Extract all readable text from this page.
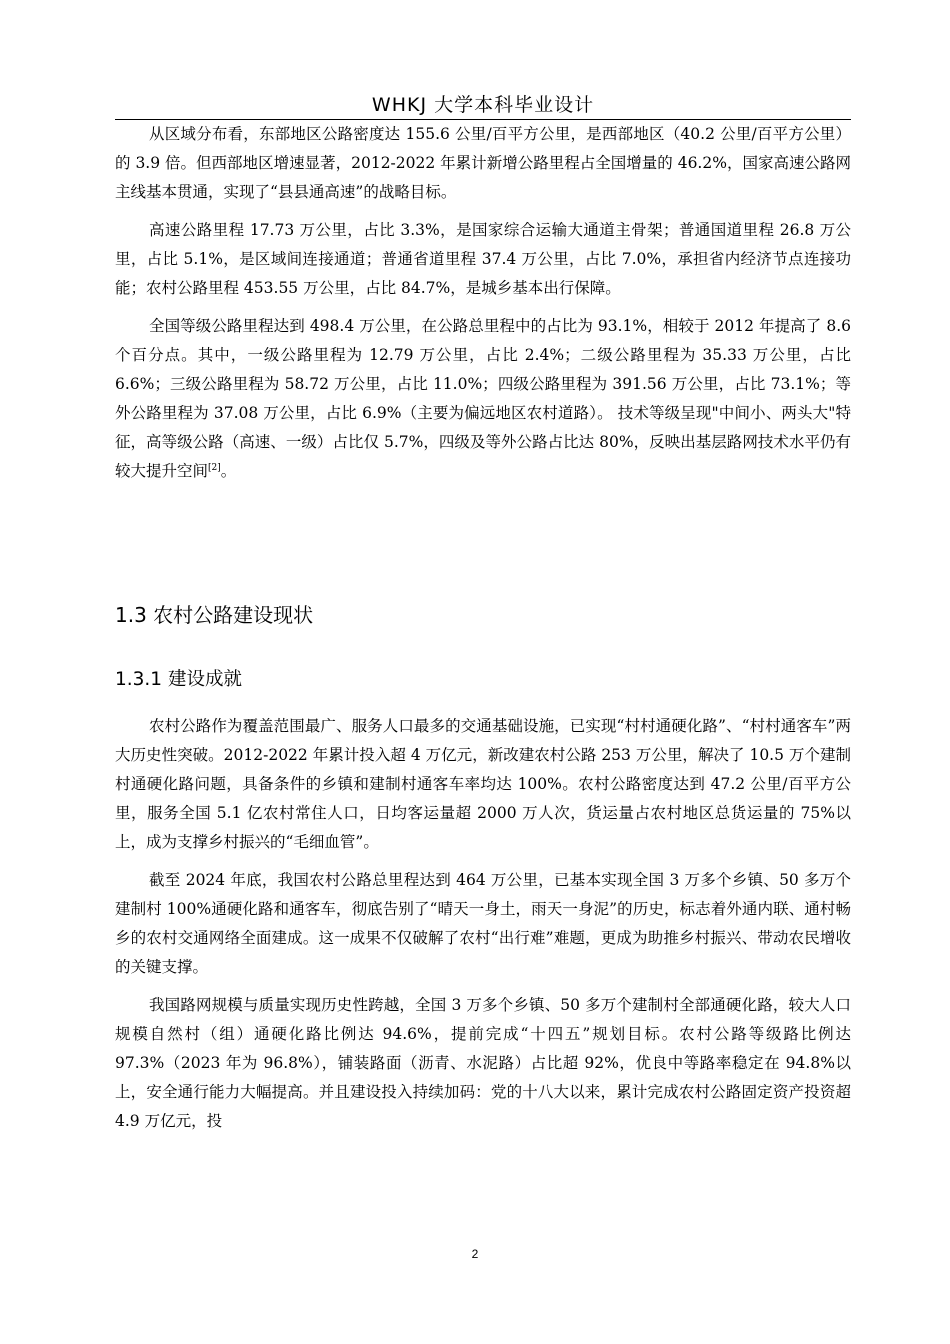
WHKJ 大学本科毕业设计

从区域分布看，东部地区公路密度达 155.6 公里/百平方公里，是西部地区（40.2 公里/百平方公里）的 3.9 倍。但西部地区增速显著，2012-2022 年累计新增公路里程占全国增量的 46.2%，国家高速公路网主线基本贯通，实现了“县县通高速”的战略目标。

高速公路里程 17.73 万公里，占比 3.3%，是国家综合运输大通道主骨架；普通国道里程 26.8 万公里，占比 5.1%，是区域间连接通道；普通省道里程 37.4 万公里，占比 7.0%，承担省内经济节点连接功能；农村公路里程 453.55 万公里，占比 84.7%，是城乡基本出行保障。

全国等级公路里程达到 498.4 万公里，在公路总里程中的占比为 93.1%，相较于 2012 年提高了 8.6 个百分点。其中，一级公路里程为 12.79 万公里，占比 2.4%；二级公路里程为 35.33 万公里，占比 6.6%；三级公路里程为 58.72 万公里，占比 11.0%；四级公路里程为 391.56 万公里，占比 73.1%；等外公路里程为 37.08 万公里，占比 6.9%（主要为偏远地区农村道路）。 技术等级呈现"中间小、两头大"特征，高等级公路（高速、一级）占比仅 5.7%，四级及等外公路占比达 80%，反映出基层路网技术水平仍有较大提升空间[2]。

1.3 农村公路建设现状
1.3.1 建设成就

农村公路作为覆盖范围最广、服务人口最多的交通基础设施，已实现“村村通硬化路”、“村村通客车”两大历史性突破。2012-2022 年累计投入超 4 万亿元，新改建农村公路 253 万公里，解决了 10.5 万个建制村通硬化路问题，具备条件的乡镇和建制村通客车率均达 100%。农村公路密度达到 47.2 公里/百平方公里，服务全国 5.1 亿农村常住人口，日均客运量超 2000 万人次，货运量占农村地区总货运量的 75%以上，成为支撑乡村振兴的“毛细血管”。

截至 2024 年底，我国农村公路总里程达到 464 万公里，已基本实现全国 3 万多个乡镇、50 多万个建制村 100%通硬化路和通客车，彻底告别了“晴天一身土，雨天一身泥”的历史，标志着外通内联、通村畅乡的农村交通网络全面建成。这一成果不仅破解了农村“出行难”难题，更成为助推乡村振兴、带动农民增收的关键支撑。

我国路网规模与质量实现历史性跨越，全国 3 万多个乡镇、50 多万个建制村全部通硬化路，较大人口规模自然村（组）通硬化路比例达 94.6%，提前完成“十四五”规划目标。农村公路等级路比例达 97.3%（2023 年为 96.8%），铺装路面（沥青、水泥路）占比超 92%，优良中等路率稳定在 94.8%以上，安全通行能力大幅提高。并且建设投入持续加码：党的十八大以来，累计完成农村公路固定资产投资超 4.9 万亿元，投

2
